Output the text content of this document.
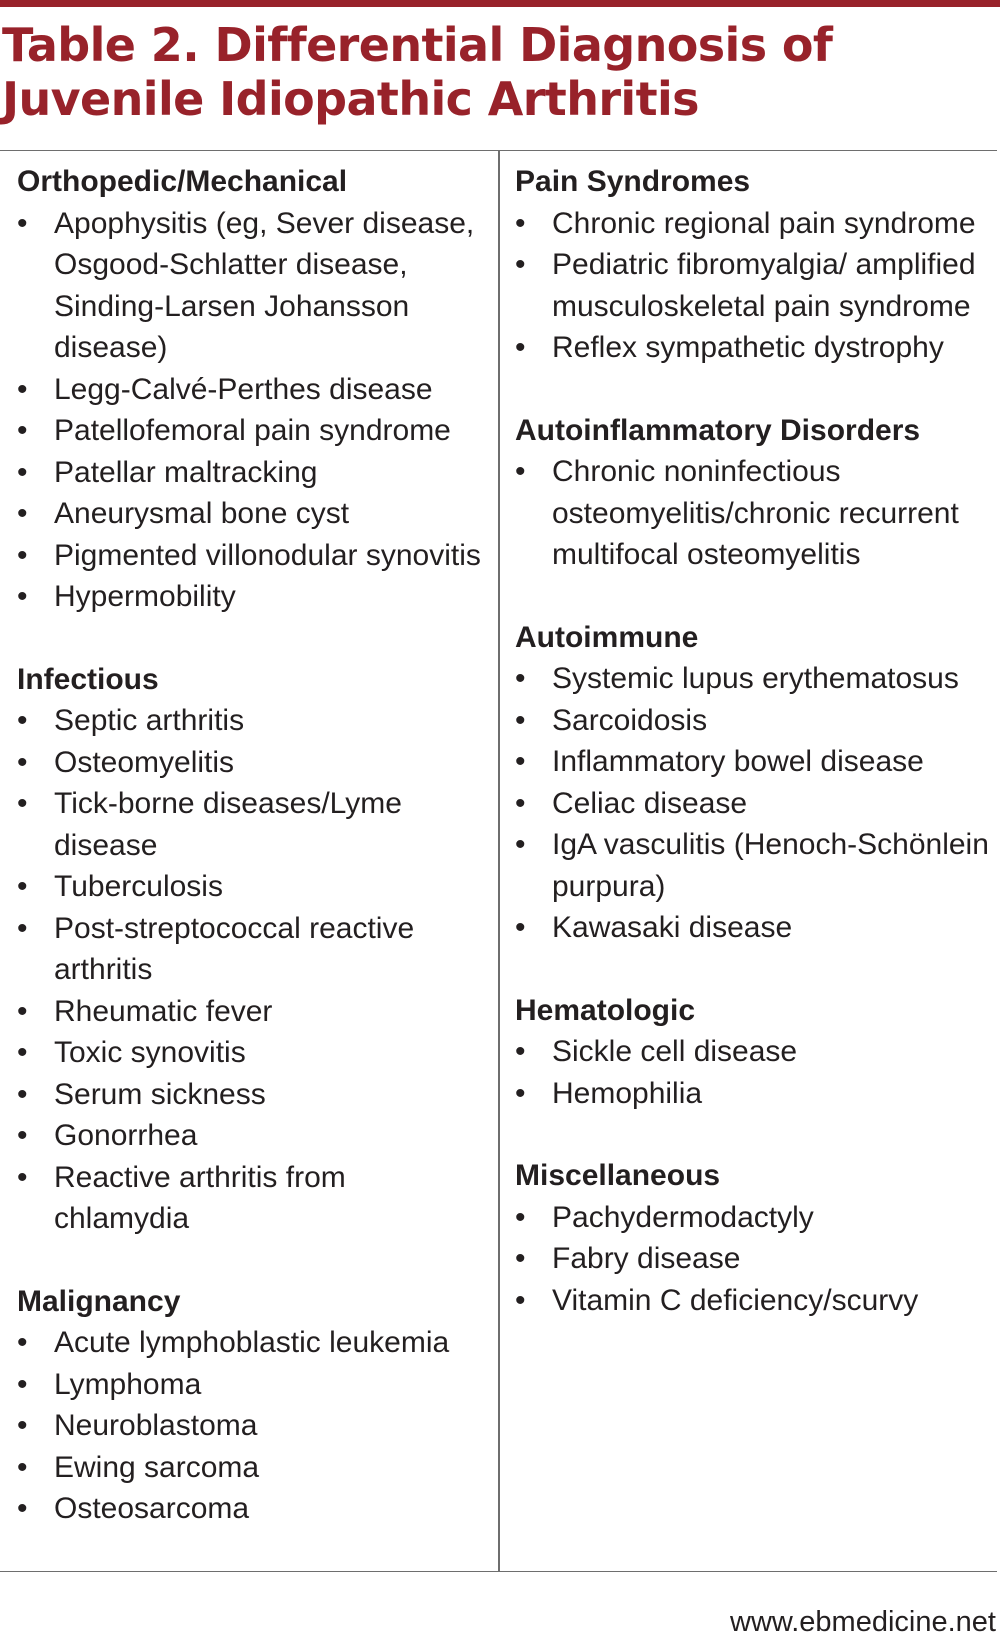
Table 2. Differential Diagnosis of Juvenile Idiopathic Arthritis
Orthopedic/Mechanical
• Apophysitis (eg, Sever disease, Osgood-Schlatter disease, Sinding-Larsen Johansson disease)
• Legg-Calvé-Perthes disease
• Patellofemoral pain syndrome
• Patellar maltracking
• Aneurysmal bone cyst
• Pigmented villonodular synovitis
• Hypermobility
Infectious
• Septic arthritis
• Osteomyelitis
• Tick-borne diseases/Lyme disease
• Tuberculosis
• Post-streptococcal reactive arthritis
• Rheumatic fever
• Toxic synovitis
• Serum sickness
• Gonorrhea
• Reactive arthritis from chlamydia
Malignancy
• Acute lymphoblastic leukemia
• Lymphoma
• Neuroblastoma
• Ewing sarcoma
• Osteosarcoma
Pain Syndromes
• Chronic regional pain syndrome
• Pediatric fibromyalgia/ amplified musculoskeletal pain syndrome
• Reflex sympathetic dystrophy
Autoinflammatory Disorders
• Chronic noninfectious osteomyelitis/chronic recurrent multifocal osteomyelitis
Autoimmune
• Systemic lupus erythematosus
• Sarcoidosis
• Inflammatory bowel disease
• Celiac disease
• IgA vasculitis (Henoch-Schönlein purpura)
• Kawasaki disease
Hematologic
• Sickle cell disease
• Hemophilia
Miscellaneous
• Pachydermodactyly
• Fabry disease
• Vitamin C deficiency/scurvy
www.ebmedicine.net
